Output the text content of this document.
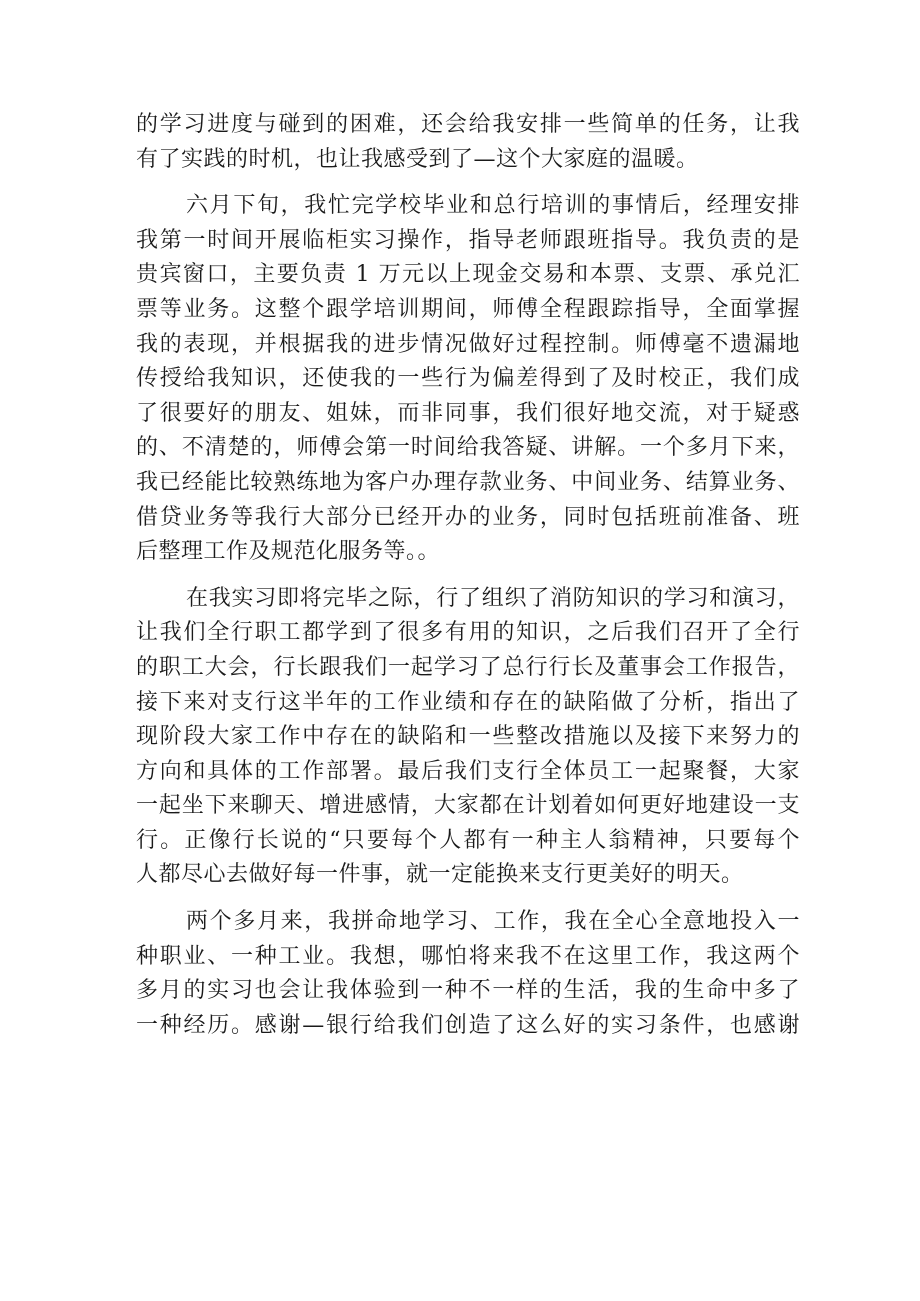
的学习进度与碰到的困难，还会给我安排一些简单的任务，让我
有了实践的时机，也让我感受到了—这个大家庭的温暖。
六月下旬，我忙完学校毕业和总行培训的事情后，经理安排
我第一时间开展临柜实习操作，指导老师跟班指导。我负责的是
贵宾窗口，主要负责 1 万元以上现金交易和本票、支票、承兑汇
票等业务。这整个跟学培训期间，师傅全程跟踪指导，全面掌握
我的表现，并根据我的进步情况做好过程控制。师傅毫不遗漏地
传授给我知识，还使我的一些行为偏差得到了及时校正，我们成
了很要好的朋友、姐妹，而非同事，我们很好地交流，对于疑惑
的、不清楚的，师傅会第一时间给我答疑、讲解。一个多月下来，
我已经能比较熟练地为客户办理存款业务、中间业务、结算业务、
借贷业务等我行大部分已经开办的业务，同时包括班前准备、班
后整理工作及规范化服务等。。
在我实习即将完毕之际，行了组织了消防知识的学习和演习，
让我们全行职工都学到了很多有用的知识，之后我们召开了全行
的职工大会，行长跟我们一起学习了总行行长及董事会工作报告，
接下来对支行这半年的工作业绩和存在的缺陷做了分析，指出了
现阶段大家工作中存在的缺陷和一些整改措施以及接下来努力的
方向和具体的工作部署。最后我们支行全体员工一起聚餐，大家
一起坐下来聊天、增进感情，大家都在计划着如何更好地建设一支
行。正像行长说的“只要每个人都有一种主人翁精神，只要每个
人都尽心去做好每一件事，就一定能换来支行更美好的明天。
两个多月来，我拼命地学习、工作，我在全心全意地投入一
种职业、一种工业。我想，哪怕将来我不在这里工作，我这两个
多月的实习也会让我体验到一种不一样的生活，我的生命中多了
一种经历。感谢—银行给我们创造了这么好的实习条件，也感谢
